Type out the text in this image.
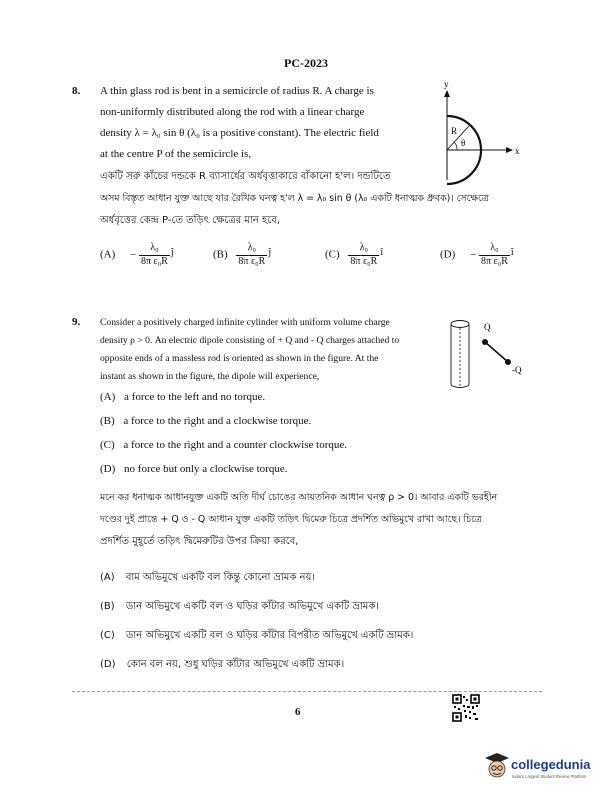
PC-2023
8. A thin glass rod is bent in a semicircle of radius R. A charge is
non-uniformly distributed along the rod with a linear charge
density λ = λ₀ sin θ (λ₀ is a positive constant). The electric field
at the centre P of the semicircle is,
একটি সরু কাঁচের দন্ডকে R ব্যাসার্ধের অর্ধবৃত্তাকারে বাঁকানো হ'ল। দন্ডটিতে
অসম বিস্তৃত আধান যুক্ত আছে যার রৈখিক ঘনত্ব হ'ল λ = λ₀ sin θ (λ₀ একটি ধনাত্মক ধ্রুবক)। সেক্ষেত্রে
অর্ধবৃত্তের কেন্দ্র P-তে তড়িৎ ক্ষেত্রের মান হবে,
y
x
R
θ
$(A) - \frac{\text{λ₀}}{\text{8π ε₀R}}$ ĵ	$(B) \frac{\text{λ₀}}{\text{8π ε₀R}}$ ĵ	$(C) \frac{\text{λ₀}}{\text{8π ε₀R}}$ î	$(D) - \frac{\text{λ₀}}{\text{8π ε₀R}}$ î
9. Consider a positively charged infinite cylinder with uniform volume charge
density ρ > 0. An electric dipole consisting of + Q and - Q charges attached to
opposite ends of a massless rod is oriented as shown in the figure. At the
instant as shown in the figure, the dipole will experience,
Q
-Q
(A) a force to the left and no torque.
(B) a force to the right and a clockwise torque.
(C) a force to the right and a counter clockwise torque.
(D) no force but only a clockwise torque.
মনে কর ধনাত্মক আধানযুক্ত একটি অতি দীর্ঘ চোঙের আয়তনিক আধান ঘনত্ব ρ > 0। আবার একটি ভরহীন
দণ্ডের দুই প্রান্তে + Q ও - Q আধান যুক্ত একটি তড়িৎ দ্বিমেরু চিত্রে প্রদর্শিত অভিমুখে রাখা আছে। চিত্রে
প্রদর্শিত মুহূর্তে তড়িৎ দ্বিমেরুটির উপর ক্রিয়া করবে,
(A) বাম অভিমুখে একটি বল কিন্তু কোনো ভ্রামক নয়।
(B) ডান অভিমুখে একটি বল ও ঘড়ির কাঁটার অভিমুখে একটি ভ্রামক।
(C) ডান অভিমুখে একটি বল ও ঘড়ির কাঁটার বিপরীত অভিমুখে একটি ভ্রামক।
(D) কোন বল নয়, শুধু ঘড়ির কাঁটার অভিমুখে একটি ভ্রামক।
6
collegedunia
India's Largest Student Review Platform
